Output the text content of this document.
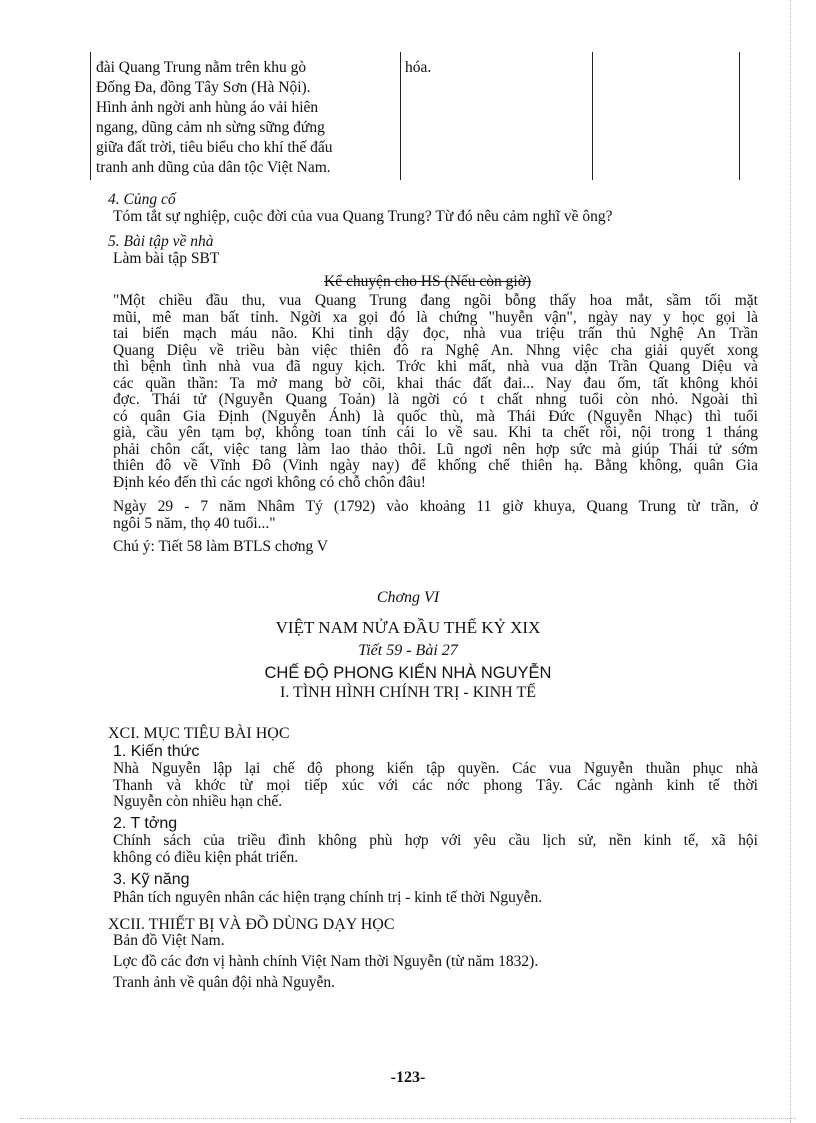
đài Quang Trung nằm trên khu gò
Đống Đa, đồng Tây Sơn (Hà Nội).
Hình ảnh ngời anh hùng áo vải hiên
ngang, dũng cảm nh sừng sững đứng
giữa đất trời, tiêu biểu cho khí thế đấu
tranh anh dũng của dân tộc Việt Nam.
hóa.
4. Củng cố
Tóm tắt sự nghiệp, cuộc đời của vua Quang Trung? Từ đó nêu cảm nghĩ về ông?
5. Bài tập về nhà
Làm bài tập SBT
Kể chuyện cho HS (Nếu còn giờ)
"Một chiều đầu thu, vua Quang Trung đang ngồi bỗng thấy hoa mắt, sầm tối mặt
mũi, mê man bất tỉnh. Ngời xa gọi đó là chứng "huyễn vận", ngày nay y học gọi là
tai biến mạch máu não. Khi tỉnh dậy đọc, nhà vua triệu trấn thủ Nghệ An Trần
Quang Diệu về triều bàn việc thiên đô ra Nghệ An. Nhng việc cha giải quyết xong
thì bệnh tình nhà vua đã nguy kịch. Trớc khi mất, nhà vua dặn Trần Quang Diệu và
các quần thần: Ta mở mang bờ cõi, khai thác đất đai... Nay đau ốm, tất không khỏi
đợc. Thái tử (Nguyễn Quang Toản) là ngời có t chất nhng tuổi còn nhỏ. Ngoài thì
có quân Gia Định (Nguyễn Ánh) là quốc thù, mà Thái Đức (Nguyễn Nhạc) thì tuổi
già, cầu yên tạm bợ, không toan tính cái lo về sau. Khi ta chết rồi, nội trong 1 tháng
phải chôn cất, việc tang làm lao thảo thôi. Lũ ngơi nên hợp sức mà giúp Thái tử sớm
thiên đô về Vĩnh Đô (Vinh ngày nay) để khống chế thiên hạ. Bằng không, quân Gia
Định kéo đến thì các ngơi không có chỗ chôn đâu!
Ngày 29 - 7 năm Nhâm Tý (1792) vào khoảng 11 giờ khuya, Quang Trung từ trần, ở
ngôi 5 năm, thọ 40 tuổi..."
Chú ý: Tiết 58 làm BTLS chơng V
Chơng VI
VIỆT NAM NỬA ĐẦU THẾ KỶ XIX
Tiết 59 - Bài 27
CHẾ ĐỘ PHONG KIẾN NHÀ NGUYỄN
I. TÌNH HÌNH CHÍNH TRỊ - KINH TẾ
XCI. MỤC TIÊU BÀI HỌC
1. Kiến thức
Nhà Nguyễn lập lại chế độ phong kiến tập quyền. Các vua Nguyễn thuần phục nhà
Thanh và khớc từ mọi tiếp xúc với các nớc phong Tây. Các ngành kinh tế thời
Nguyễn còn nhiều hạn chế.
2. T tởng
Chính sách của triều đình không phù hợp với yêu cầu lịch sử, nền kinh tế, xã hội
không có điều kiện phát triển.
3. Kỹ năng
Phân tích nguyên nhân các hiện trạng chính trị - kinh tế thời Nguyễn.
XCII. THIẾT BỊ VÀ ĐỒ DÙNG DẠY HỌC
Bản đồ Việt Nam.
Lợc đồ các đơn vị hành chính Việt Nam thời Nguyễn (từ năm 1832).
Tranh ảnh về quân đội nhà Nguyễn.
-123-
